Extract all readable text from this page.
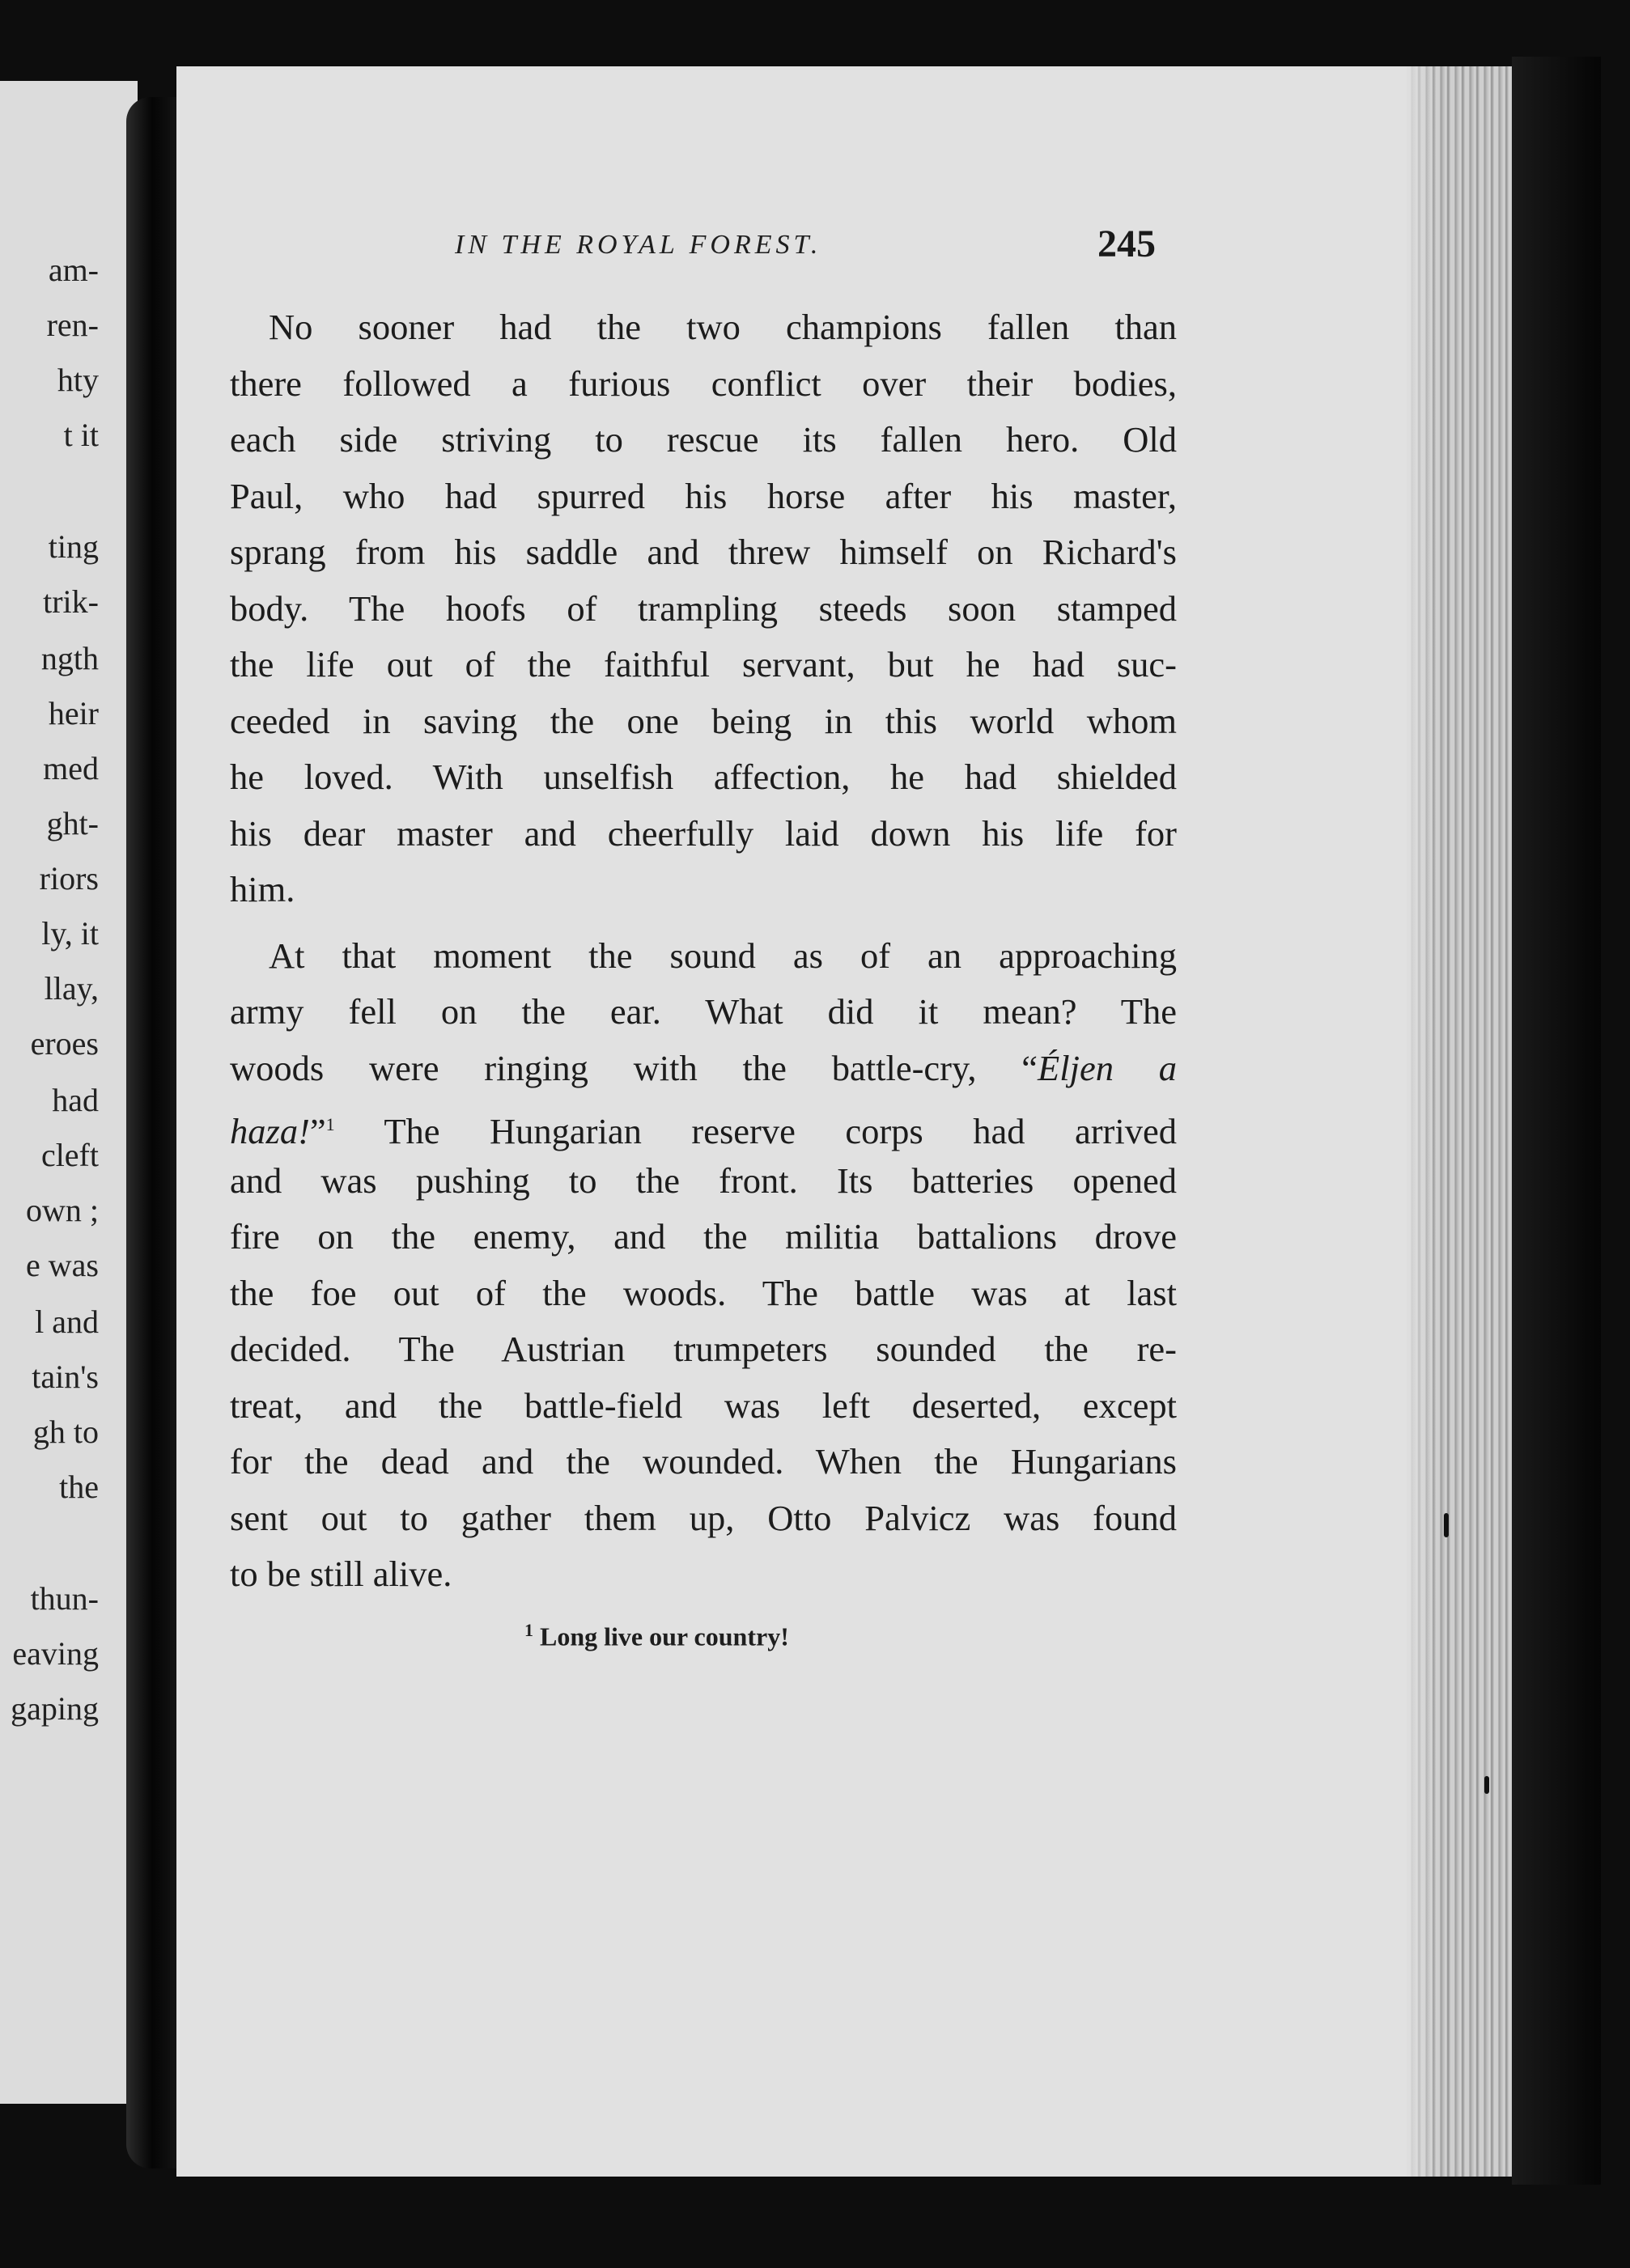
am-
ren-
hty
t it
ting
trik-
ngth
heir
med
ght-
riors
ly, it
llay,
eroes
had
cleft
own ;
e was
l and
tain's
gh to
the
thun-
eaving
gaping
IN THE ROYAL FOREST.	245
No sooner had the two champions fallen than
there followed a furious conflict over their bodies,
each side striving to rescue its fallen hero. Old
Paul, who had spurred his horse after his master,
sprang from his saddle and threw himself on Richard's
body. The hoofs of trampling steeds soon stamped
the life out of the faithful servant, but he had suc-
ceeded in saving the one being in this world whom
he loved. With unselfish affection, he had shielded
his dear master and cheerfully laid down his life for
him.
At that moment the sound as of an approaching
army fell on the ear. What did it mean? The
woods were ringing with the battle-cry, “Éljen a
haza!”$^1$ The Hungarian reserve corps had arrived
and was pushing to the front. Its batteries opened
fire on the enemy, and the militia battalions drove
the foe out of the woods. The battle was at last
decided. The Austrian trumpeters sounded the re-
treat, and the battle-field was left deserted, except
for the dead and the wounded. When the Hungarians
sent out to gather them up, Otto Palvicz was found
to be still alive.
$^1$ Long live our country!
